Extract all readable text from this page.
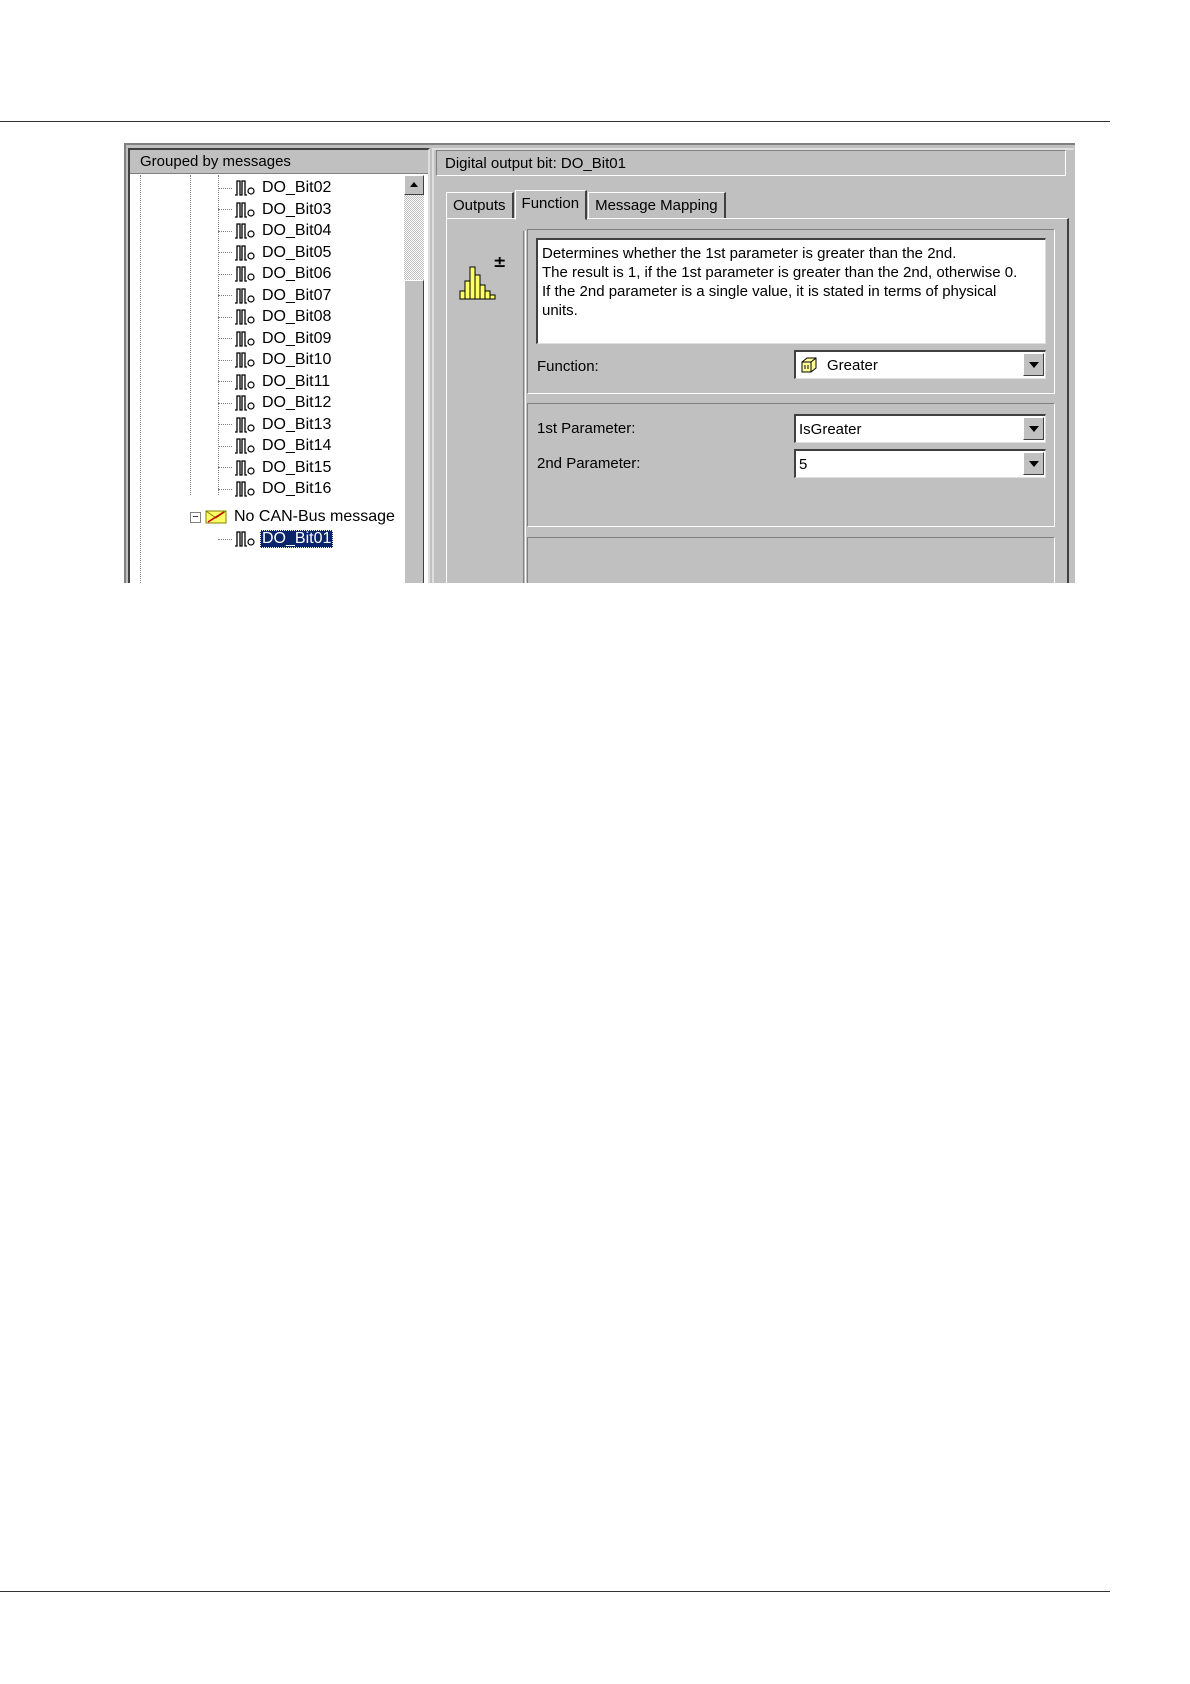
Grouped by messages
DO_Bit02
DO_Bit03
DO_Bit04
DO_Bit05
DO_Bit06
DO_Bit07
DO_Bit08
DO_Bit09
DO_Bit10
DO_Bit11
DO_Bit12
DO_Bit13
DO_Bit14
DO_Bit15
DO_Bit16
− No CAN-Bus message
DO_Bit01
Digital output bit: DO_Bit01
Outputs	Function	Message Mapping
± Determines whether the 1st parameter is greater than the 2nd.
The result is 1, if the 1st parameter is greater than the 2nd, otherwise 0.
If the 2nd parameter is a single value, it is stated in terms of physical
units.
Function:	Greater
1st Parameter:	IsGreater
2nd Parameter:	5
